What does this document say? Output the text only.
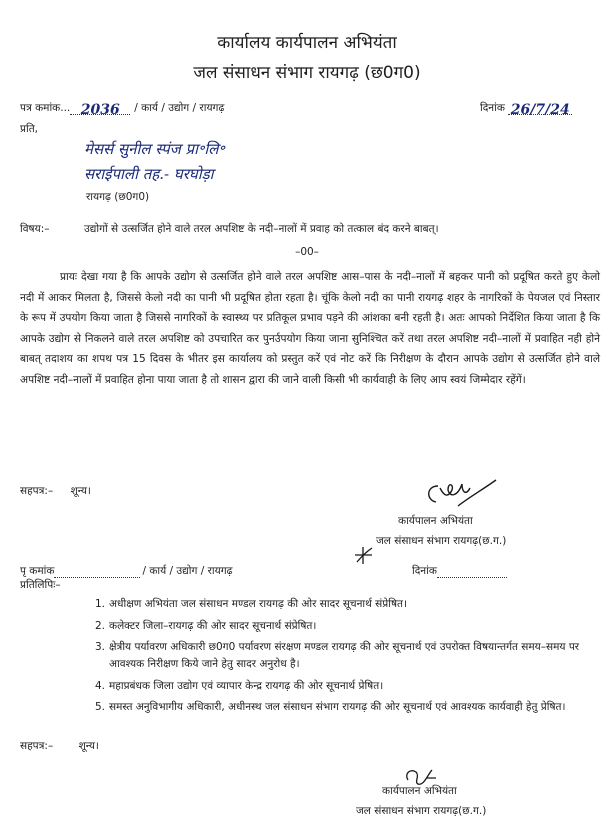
कार्यालय कार्यपालन अभियंता
जल संसाधन संभाग रायगढ़ (छ0ग0)
पत्र कमांक... 2036 / कार्य / उद्योग / रायगढ़	दिनांक 26/7/24
प्रति,
मेसर्स सुनील स्पंज प्रा॰लि॰
सराईपाली तह.- घरघोड़ा
रायगढ़ (छ0ग0)
विषय:–	उद्योगों से उत्सर्जित होने वाले तरल अपशिष्ट के नदी–नालों में प्रवाह को तत्काल बंद करने बाबत्।
–00–
प्रायः देखा गया है कि आपके उद्योग से उत्सर्जित होने वाले तरल अपशिष्ट आस–पास के नदी–नालों में बहकर पानी को प्रदूषित करते हुए केलो नदी में आकर मिलता है, जिससे केलो नदी का पानी भी प्रदूषित होता रहता है। चूंकि केलो नदी का पानी रायगढ़ शहर के नागरिकों के पेयजल एवं निस्तार के रूप में उपयोग किया जाता है जिससे नागरिकों के स्वास्थ्य पर प्रतिकूल प्रभाव पड़ने की आंशका बनी रहती है। अतः आपको निर्देशित किया जाता है कि आपके उद्योग से निकलने वाले तरल अपशिष्ट को उपचारित कर पुनर्उपयोग किया जाना सुनिश्चित करें तथा तरल अपशिष्ट नदी–नालों में प्रवाहित नही होने बाबत् तदाशय का शपथ पत्र 15 दिवस के भीतर इस कार्यालय को प्रस्तुत करें एवं नोट करें कि निरीक्षण के दौरान आपके उद्योग से उत्सर्जित होने वाले अपशिष्ट नदी–नालों में प्रवाहित होना पाया जाता है तो शासन द्वारा की जाने वाली किसी भी कार्यवाही के लिए आप स्वयं जिम्मेदार रहेंगें।
सहपत्र:– शून्य।
कार्यपालन अभियंता
जल संसाधन संभाग रायगढ़(छ.ग.)
पृ कमांक	/ कार्य / उद्योग / रायगढ़	दिनांक
प्रतिलिपिः–
1. अधीक्षण अभियंता जल संसाधन मण्डल रायगढ़ की ओर सादर सूचनार्थ संप्रेषित।
2. कलेक्टर जिला–रायगढ़ की ओर सादर सूचनार्थ संप्रेषित।
3. क्षेत्रीय पर्यावरण अधिकारी छ0ग0 पर्यावरण संरक्षण मण्डल रायगढ़ की ओर सूचनार्थ एवं उपरोक्त विषयान्तर्गत समय–समय पर आवश्यक निरीक्षण किये जाने हेतु सादर अनुरोध है।
4. महाप्रबंधक जिला उद्योग एवं व्यापार केन्द्र रायगढ़ की ओर सूचनार्थ प्रेषित।
5. समस्त अनुविभागीय अधिकारी, अधीनस्थ जल संसाधन संभाग रायगढ़ की ओर सूचनार्थ एवं आवश्यक कार्यवाही हेतु प्रेषित।
सहपत्र:– शून्य।
कार्यपालन अभियंता
जल संसाधन संभाग रायगढ़(छ.ग.)
